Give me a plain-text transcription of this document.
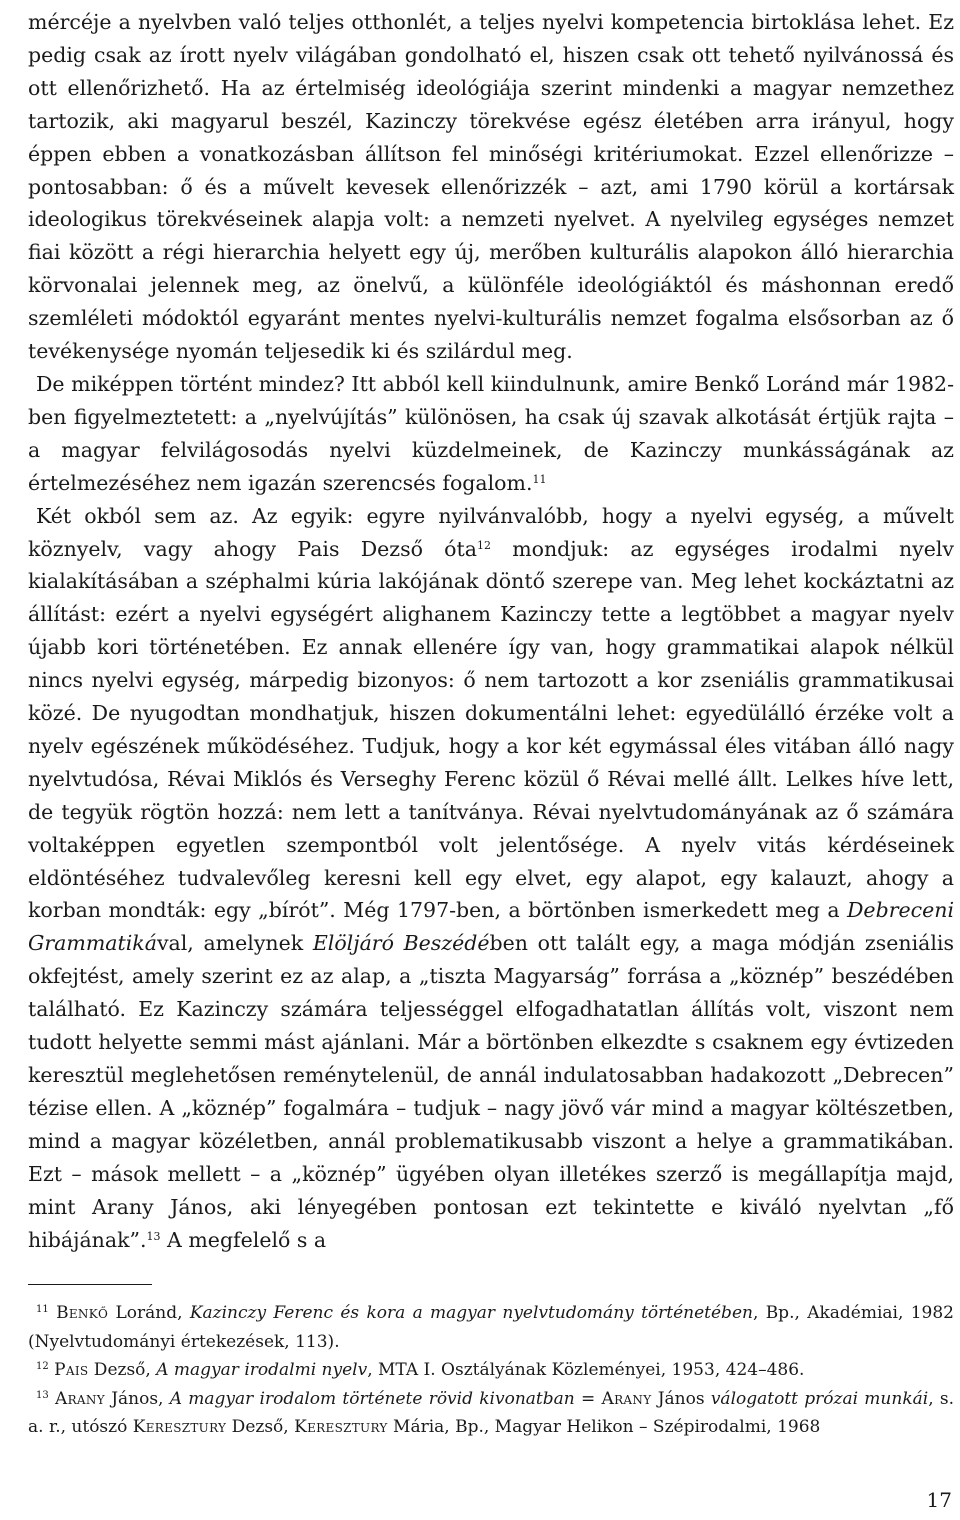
mércéje a nyelvben való teljes otthonlét, a teljes nyelvi kompetencia birtoklása lehet. Ez pedig csak az írott nyelv világában gondolható el, hiszen csak ott tehető nyilvánossá és ott ellenőrizhető. Ha az értelmiség ideológiája szerint mindenki a magyar nemzethez tartozik, aki magyarul beszél, Kazinczy törekvése egész életében arra irányul, hogy éppen ebben a vonatkozásban állítson fel minőségi kritériumokat. Ezzel ellenőrizze – pontosabban: ő és a művelt kevesek ellenőrizzék – azt, ami 1790 körül a kortársak ideologikus törekvéseinek alapja volt: a nemzeti nyelvet. A nyelvileg egységes nemzet fiai között a régi hierarchia helyett egy új, merőben kulturális alapokon álló hierarchia körvonalai jelennek meg, az önelvű, a különféle ideológiáktól és máshonnan eredő szemléleti módoktól egyaránt mentes nyelvi-kulturális nemzet fogalma elsősorban az ő tevékenysége nyomán teljesedik ki és szilárdul meg.

De miképpen történt mindez? Itt abból kell kiindulnunk, amire Benkő Loránd már 1982-ben figyelmeztetett: a „nyelvújítás” különösen, ha csak új szavak alkotását értjük rajta – a magyar felvilágosodás nyelvi küzdelmeinek, de Kazinczy munkásságának az értelmezéséhez nem igazán szerencsés fogalom.$^{11}$

Két okból sem az. Az egyik: egyre nyilvánvalóbb, hogy a nyelvi egység, a művelt köznyelv, vagy ahogy Pais Dezső óta$^{12}$ mondjuk: az egységes irodalmi nyelv kialakításában a széphalmi kúria lakójának döntő szerepe van. Meg lehet kockáztatni az állítást: ezért a nyelvi egységért alighanem Kazinczy tette a legtöbbet a magyar nyelv újabb kori történetében. Ez annak ellenére így van, hogy grammatikai alapok nélkül nincs nyelvi egység, márpedig bizonyos: ő nem tartozott a kor zseniális grammatikusai közé. De nyugodtan mondhatjuk, hiszen dokumentálni lehet: egyedülálló érzéke volt a nyelv egészének működéséhez. Tudjuk, hogy a kor két egymással éles vitában álló nagy nyelvtudósa, Révai Miklós és Verseghy Ferenc közül ő Révai mellé állt. Lelkes híve lett, de tegyük rögtön hozzá: nem lett a tanítványa. Révai nyelvtudományának az ő számára voltaképpen egyetlen szempontból volt jelentősége. A nyelv vitás kérdéseinek eldöntéséhez tudvalevőleg keresni kell egy elvet, egy alapot, egy kalauzt, ahogy a korban mondták: egy „bírót”. Még 1797-ben, a börtönben ismerkedett meg a Debreceni Grammatikával, amelynek Elöljáró Beszédében ott talált egy, a maga módján zseniális okfejtést, amely szerint ez az alap, a „tiszta Magyarság” forrása a „köznép” beszédében található. Ez Kazinczy számára teljességgel elfogadhatatlan állítás volt, viszont nem tudott helyette semmi mást ajánlani. Már a börtönben elkezdte s csaknem egy évtizeden keresztül meglehetősen reménytelenül, de annál indulatosabban hadakozott „Debrecen” tézise ellen. A „köznép” fogalmára – tudjuk – nagy jövő vár mind a magyar költészetben, mind a magyar közéletben, annál problematikusabb viszont a helye a grammatikában. Ezt – mások mellett – a „köznép” ügyében olyan illetékes szerző is megállapítja majd, mint Arany János, aki lényegében pontosan ezt tekintette e kiváló nyelvtan „fő hibájának”.$^{13}$ A megfelelő s a

$^{11}$ Benkő Loránd, Kazinczy Ferenc és kora a magyar nyelvtudomány történetében, Bp., Akadémiai, 1982 (Nyelvtudományi értekezések, 113).

$^{12}$ Pais Dezső, A magyar irodalmi nyelv, MTA I. Osztályának Közleményei, 1953, 424–486.

$^{13}$ Arany János, A magyar irodalom története rövid kivonatban = Arany János válogatott prózai munkái, s. a. r., utószó Keresztury Dezső, Keresztury Mária, Bp., Magyar Helikon – Szépirodalmi, 1968

17
